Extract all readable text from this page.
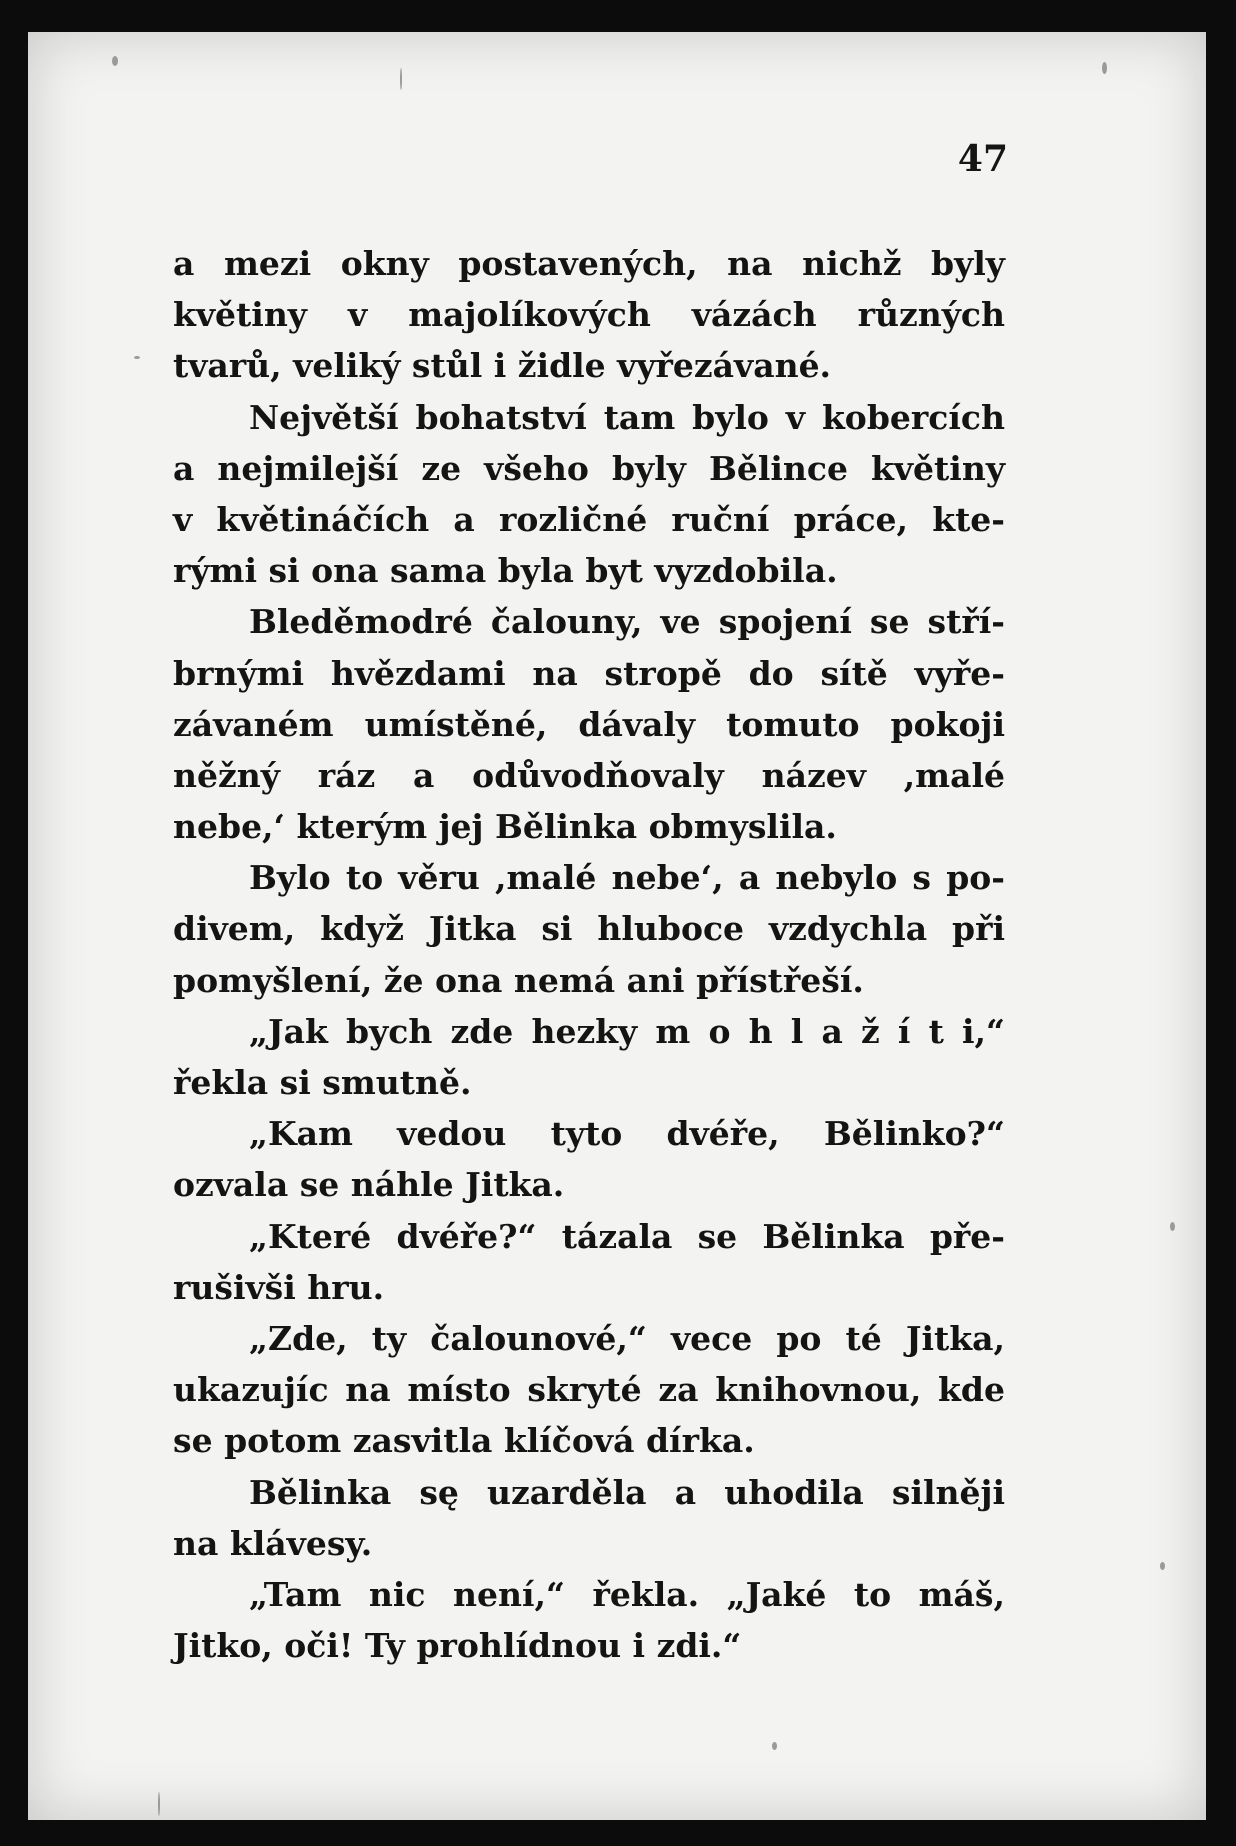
47
a mezi okny postavených, na nichž byly
květiny v majolíkových vázách různých
tvarů, veliký stůl i židle vyřezávané.
Největší bohatství tam bylo v kobercích
a nejmilejší ze všeho byly Bělince květiny
v květináčích a rozličné ruční práce, kte-
rými si ona sama byla byt vyzdobila.
Bleděmodré čalouny, ve spojení se stří-
brnými hvězdami na stropě do sítě vyře-
závaném umístěné, dávaly tomuto pokoji
něžný ráz a odůvodňovaly název ,malé
nebe,‘ kterým jej Bělinka obmyslila.
Bylo to věru ,malé nebe‘, a nebylo s po-
divem, když Jitka si hluboce vzdychla při
pomyšlení, že ona nemá ani přístřeší.
„Jak bych zde hezky m o h l a ž í t i,“
řekla si smutně.
„Kam vedou tyto dvéře, Bělinko?“
ozvala se náhle Jitka.
„Které dvéře?“ tázala se Bělinka pře-
rušivši hru.
„Zde, ty čalounové,“ vece po té Jitka,
ukazujíc na místo skryté za knihovnou, kde
se potom zasvitla klíčová dírka.
Bělinka sę uzarděla a uhodila silněji
na klávesy.
„Tam nic není,“ řekla. „Jaké to máš,
Jitko, oči! Ty prohlídnou i zdi.“
